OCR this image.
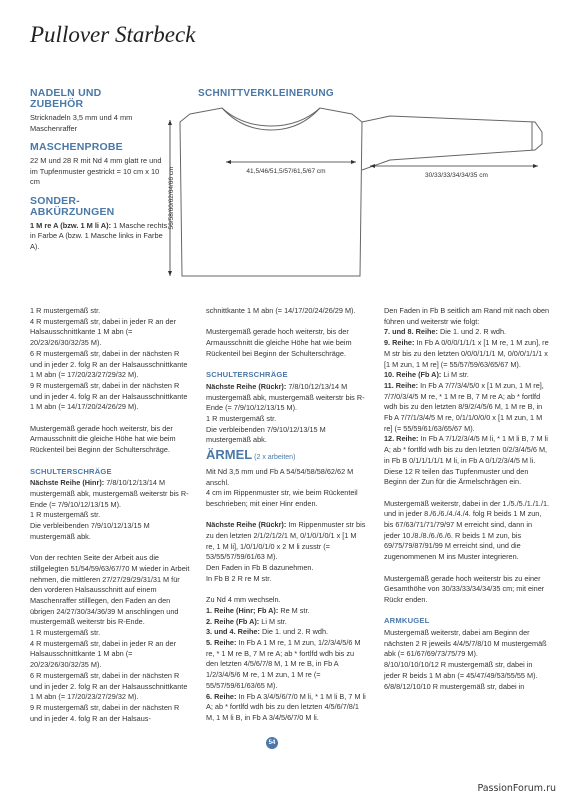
Pullover Starbeck
NADELN UND ZUBEHÖR
Stricknadeln 3,5 mm und 4 mm Maschenraffer
MASCHENPROBE
22 M und 28 R mit Nd 4 mm glatt re und im Tupfenmuster gestrickt = 10 cm x 10 cm
SONDER-ABKÜRZUNGEN
1 M re A (bzw. 1 M li A): 1 Masche rechts in Farbe A (bzw. 1 Masche links in Farbe A).
SCHNITTVERKLEINERUNG
41,5/46/51,5/57/61,5/67 cm
30/33/33/34/34/35 cm
56/58/60/62/64/66 cm
1 R mustergemäß str.
4 R mustergemäß str, dabei in jeder R an der Halsausschnittkante 1 M abn (= 20/23/26/30/32/35 M).
6 R mustergemäß str, dabei in der nächsten R und in jeder 2. folg R an der Halsausschnittkante 1 M abn (= 17/20/23/27/29/32 M).

9 R mustergemäß str, dabei in der nächsten R und in jeder 4. folg R an der Halsausschnittkante 1 M abn (= 14/17/20/24/26/29 M).

Mustergemäß gerade hoch weiterstr, bis der Armausschnitt die gleiche Höhe hat wie beim Rückenteil bei Beginn der Schulterschräge.

SCHULTERSCHRÄGE
Nächste Reihe (Hinr): 7/8/10/12/13/14 M mustergemäß abk, mustergemäß weiterstr bis R-Ende (= 7/9/10/12/13/15 M).
1 R mustergemäß str.

Die verbleibenden 7/9/10/12/13/15 M mustergemäß abk.

Von der rechten Seite der Arbeit aus die stillgelegten 51/54/59/63/67/70 M wieder in Arbeit nehmen, die mittleren 27/27/29/29/31/31 M für den vorderen Halsausschnitt auf einem Maschenraffer stilllegen, den Faden an den übrigen 24/27/30/34/36/39 M anschlingen und mustergemäß weiterstr bis R-Ende.
1 R mustergemäß str.
4 R mustergemäß str, dabei in jeder R an der Halsausschnittkante 1 M abn (= 20/23/26/30/32/35 M).
6 R mustergemäß str, dabei in der nächsten R und in jeder 2. folg R an der Halsausschnittkante 1 M abn (= 17/20/23/27/29/32 M).
9 R mustergemäß str, dabei in der nächsten R und in jeder 4. folg R an der Halsaus-

schnittkante 1 M abn (= 14/17/20/24/26/29 M).

Mustergemäß gerade hoch weiterstr, bis der Armausschnitt die gleiche Höhe hat wie beim Rückenteil bei Beginn der Schulterschräge.

SCHULTERSCHRÄGE
Nächste Reihe (Rückr): 7/8/10/12/13/14 M mustergemäß abk, mustergemäß weiterstr bis R-Ende (= 7/9/10/12/13/15 M).
1 R mustergemäß str.
Die verbleibenden 7/9/10/12/13/15 M mustergemäß abk.
ÄRMEL (2 x arbeiten)
Mit Nd 3,5 mm und Fb A 54/54/58/58/62/62 M anschl.

4 cm im Rippenmuster str, wie beim Rückenteil beschrieben; mit einer Hinr enden.

Nächste Reihe (Rückr): Im Rippenmuster str bis zu den letzten 2/1/2/1/2/1 M, 0/1/0/1/0/1 x [1 M re, 1 M li], 1/0/1/0/1/0 x 2 M li zusstr (= 53/55/57/59/61/63 M).
Den Faden in Fb B dazunehmen.

In Fb B 2 R re M str.

Zu Nd 4 mm wechseln.
1. Reihe (Hinr; Fb A): Re M str.
2. Reihe (Fb A): Li M str.
3. und 4. Reihe: Die 1. und 2. R wdh.
5. Reihe: In Fb A 1 M re, 1 M zun, 1/2/3/4/5/6 M re, * 1 M re B, 7 M re A; ab * fortlfd wdh bis zu den letzten 4/5/6/7/8 M, 1 M re B, in Fb A 1/2/3/4/5/6 M re, 1 M zun, 1 M re (= 55/57/59/61/63/65 M).
6. Reihe: In Fb A 3/4/5/6/7/0 M li, * 1 M li B, 7 M li A; ab * fortlfd wdh bis zu den letzten 4/5/6/7/8/1 M, 1 M li B, in Fb A 3/4/5/6/7/0 M li.
Den Faden in Fb B seitlich am Rand mit nach oben führen und weiterstr wie folgt:
7. und 8. Reihe: Die 1. und 2. R wdh.
9. Reihe: In Fb A 0/0/0/1/1/1 x [1 M re, 1 M zun], re M str bis zu den letzten 0/0/0/1/1/1 M, 0/0/0/1/1/1 x [1 M zun, 1 M re] (= 55/57/59/63/65/67 M).
10. Reihe (Fb A): Li M str.
11. Reihe: In Fb A 7/7/3/4/5/0 x [1 M zun, 1 M re], 7/7/0/3/4/5 M re, * 1 M re B, 7 M re A; ab * fortlfd wdh bis zu den letzten 8/9/2/4/5/6 M, 1 M re B, in Fb A 7/7/1/3/4/5 M re, 0/1/1/0/0/0 x [1 M zun, 1 M re] (= 55/59/61/63/65/67 M).
12. Reihe: In Fb A 7/1/2/3/4/5 M li, * 1 M li B, 7 M li A; ab * fortlfd wdh bis zu den letzten 0/2/3/4/5/6 M, in Fb B 0/1/1/1/1/1 M li, in Fb A 0/1/2/3/4/5 M li.

Diese 12 R teilen das Tupfenmuster und den Beginn der Zun für die Ärmelschrägen ein.

Mustergemäß weiterstr, dabei in der 1./5./5./1./1./1. und in jeder 8./6./6./4./4./4. folg R beids 1 M zun, bis 67/63/71/71/79/97 M erreicht sind, dann in jeder 10./8./8./6./6./6. R beids 1 M zun, bis 69/75/79/87/91/99 M erreicht sind, und die zugenommenen M ins Muster integrieren.

Mustergemäß gerade hoch weiterstr bis zu einer Gesamthöhe von 30/33/33/34/34/35 cm; mit einer Rückr enden.

ARMKUGEL
Mustergemäß weiterstr, dabei am Beginn der nächsten 2 R jeweils 4/4/5/7/8/10 M mustergemäß abk (= 61/67/69/73/75/79 M).
8/10/10/10/10/12 R mustergemäß str, dabei in jeder R beids 1 M abn (= 45/47/49/53/55/55 M).
6/8/8/12/10/10 R mustergemäß str, dabei in
54
PassionForum.ru
